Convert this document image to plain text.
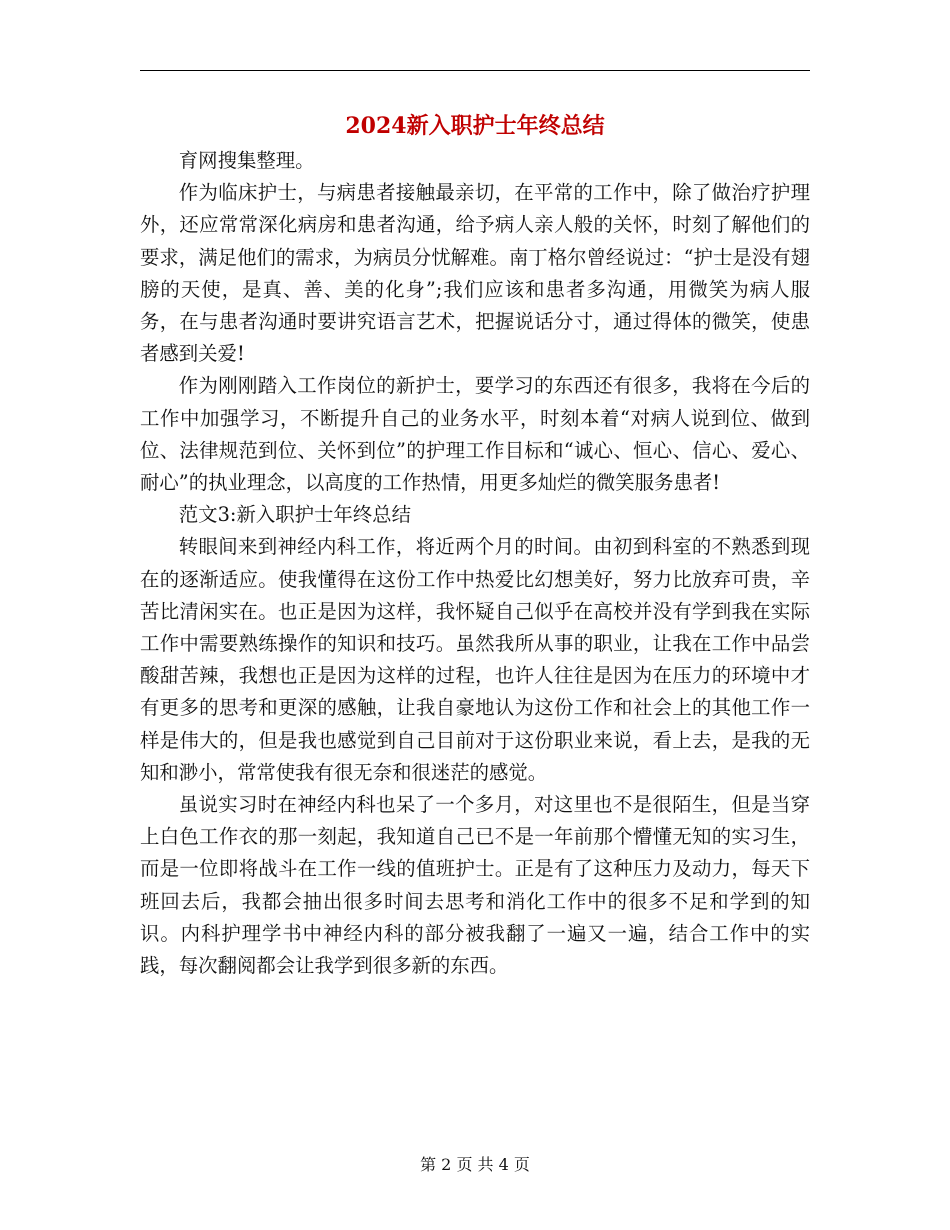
2024新入职护士年终总结

育网搜集整理。

作为临床护士，与病患者接触最亲切，在平常的工作中，除了做治疗护理外，还应常常深化病房和患者沟通，给予病人亲人般的关怀，时刻了解他们的要求，满足他们的需求，为病员分忧解难。南丁格尔曾经说过：“护士是没有翅膀的天使，是真、善、美的化身”;我们应该和患者多沟通，用微笑为病人服务，在与患者沟通时要讲究语言艺术，把握说话分寸，通过得体的微笑，使患者感到关爱!

作为刚刚踏入工作岗位的新护士，要学习的东西还有很多，我将在今后的工作中加强学习，不断提升自己的业务水平，时刻本着“对病人说到位、做到位、法律规范到位、关怀到位”的护理工作目标和“诚心、恒心、信心、爱心、耐心”的执业理念，以高度的工作热情，用更多灿烂的微笑服务患者!

范文3:新入职护士年终总结

转眼间来到神经内科工作，将近两个月的时间。由初到科室的不熟悉到现在的逐渐适应。使我懂得在这份工作中热爱比幻想美好，努力比放弃可贵，辛苦比清闲实在。也正是因为这样，我怀疑自己似乎在高校并没有学到我在实际工作中需要熟练操作的知识和技巧。虽然我所从事的职业，让我在工作中品尝酸甜苦辣，我想也正是因为这样的过程，也许人往往是因为在压力的环境中才有更多的思考和更深的感触，让我自豪地认为这份工作和社会上的其他工作一样是伟大的，但是我也感觉到自己目前对于这份职业来说，看上去，是我的无知和渺小，常常使我有很无奈和很迷茫的感觉。

虽说实习时在神经内科也呆了一个多月，对这里也不是很陌生，但是当穿上白色工作衣的那一刻起，我知道自己已不是一年前那个懵懂无知的实习生，而是一位即将战斗在工作一线的值班护士。正是有了这种压力及动力，每天下班回去后，我都会抽出很多时间去思考和消化工作中的很多不足和学到的知识。内科护理学书中神经内科的部分被我翻了一遍又一遍，结合工作中的实践，每次翻阅都会让我学到很多新的东西。

第 2 页 共 4 页
